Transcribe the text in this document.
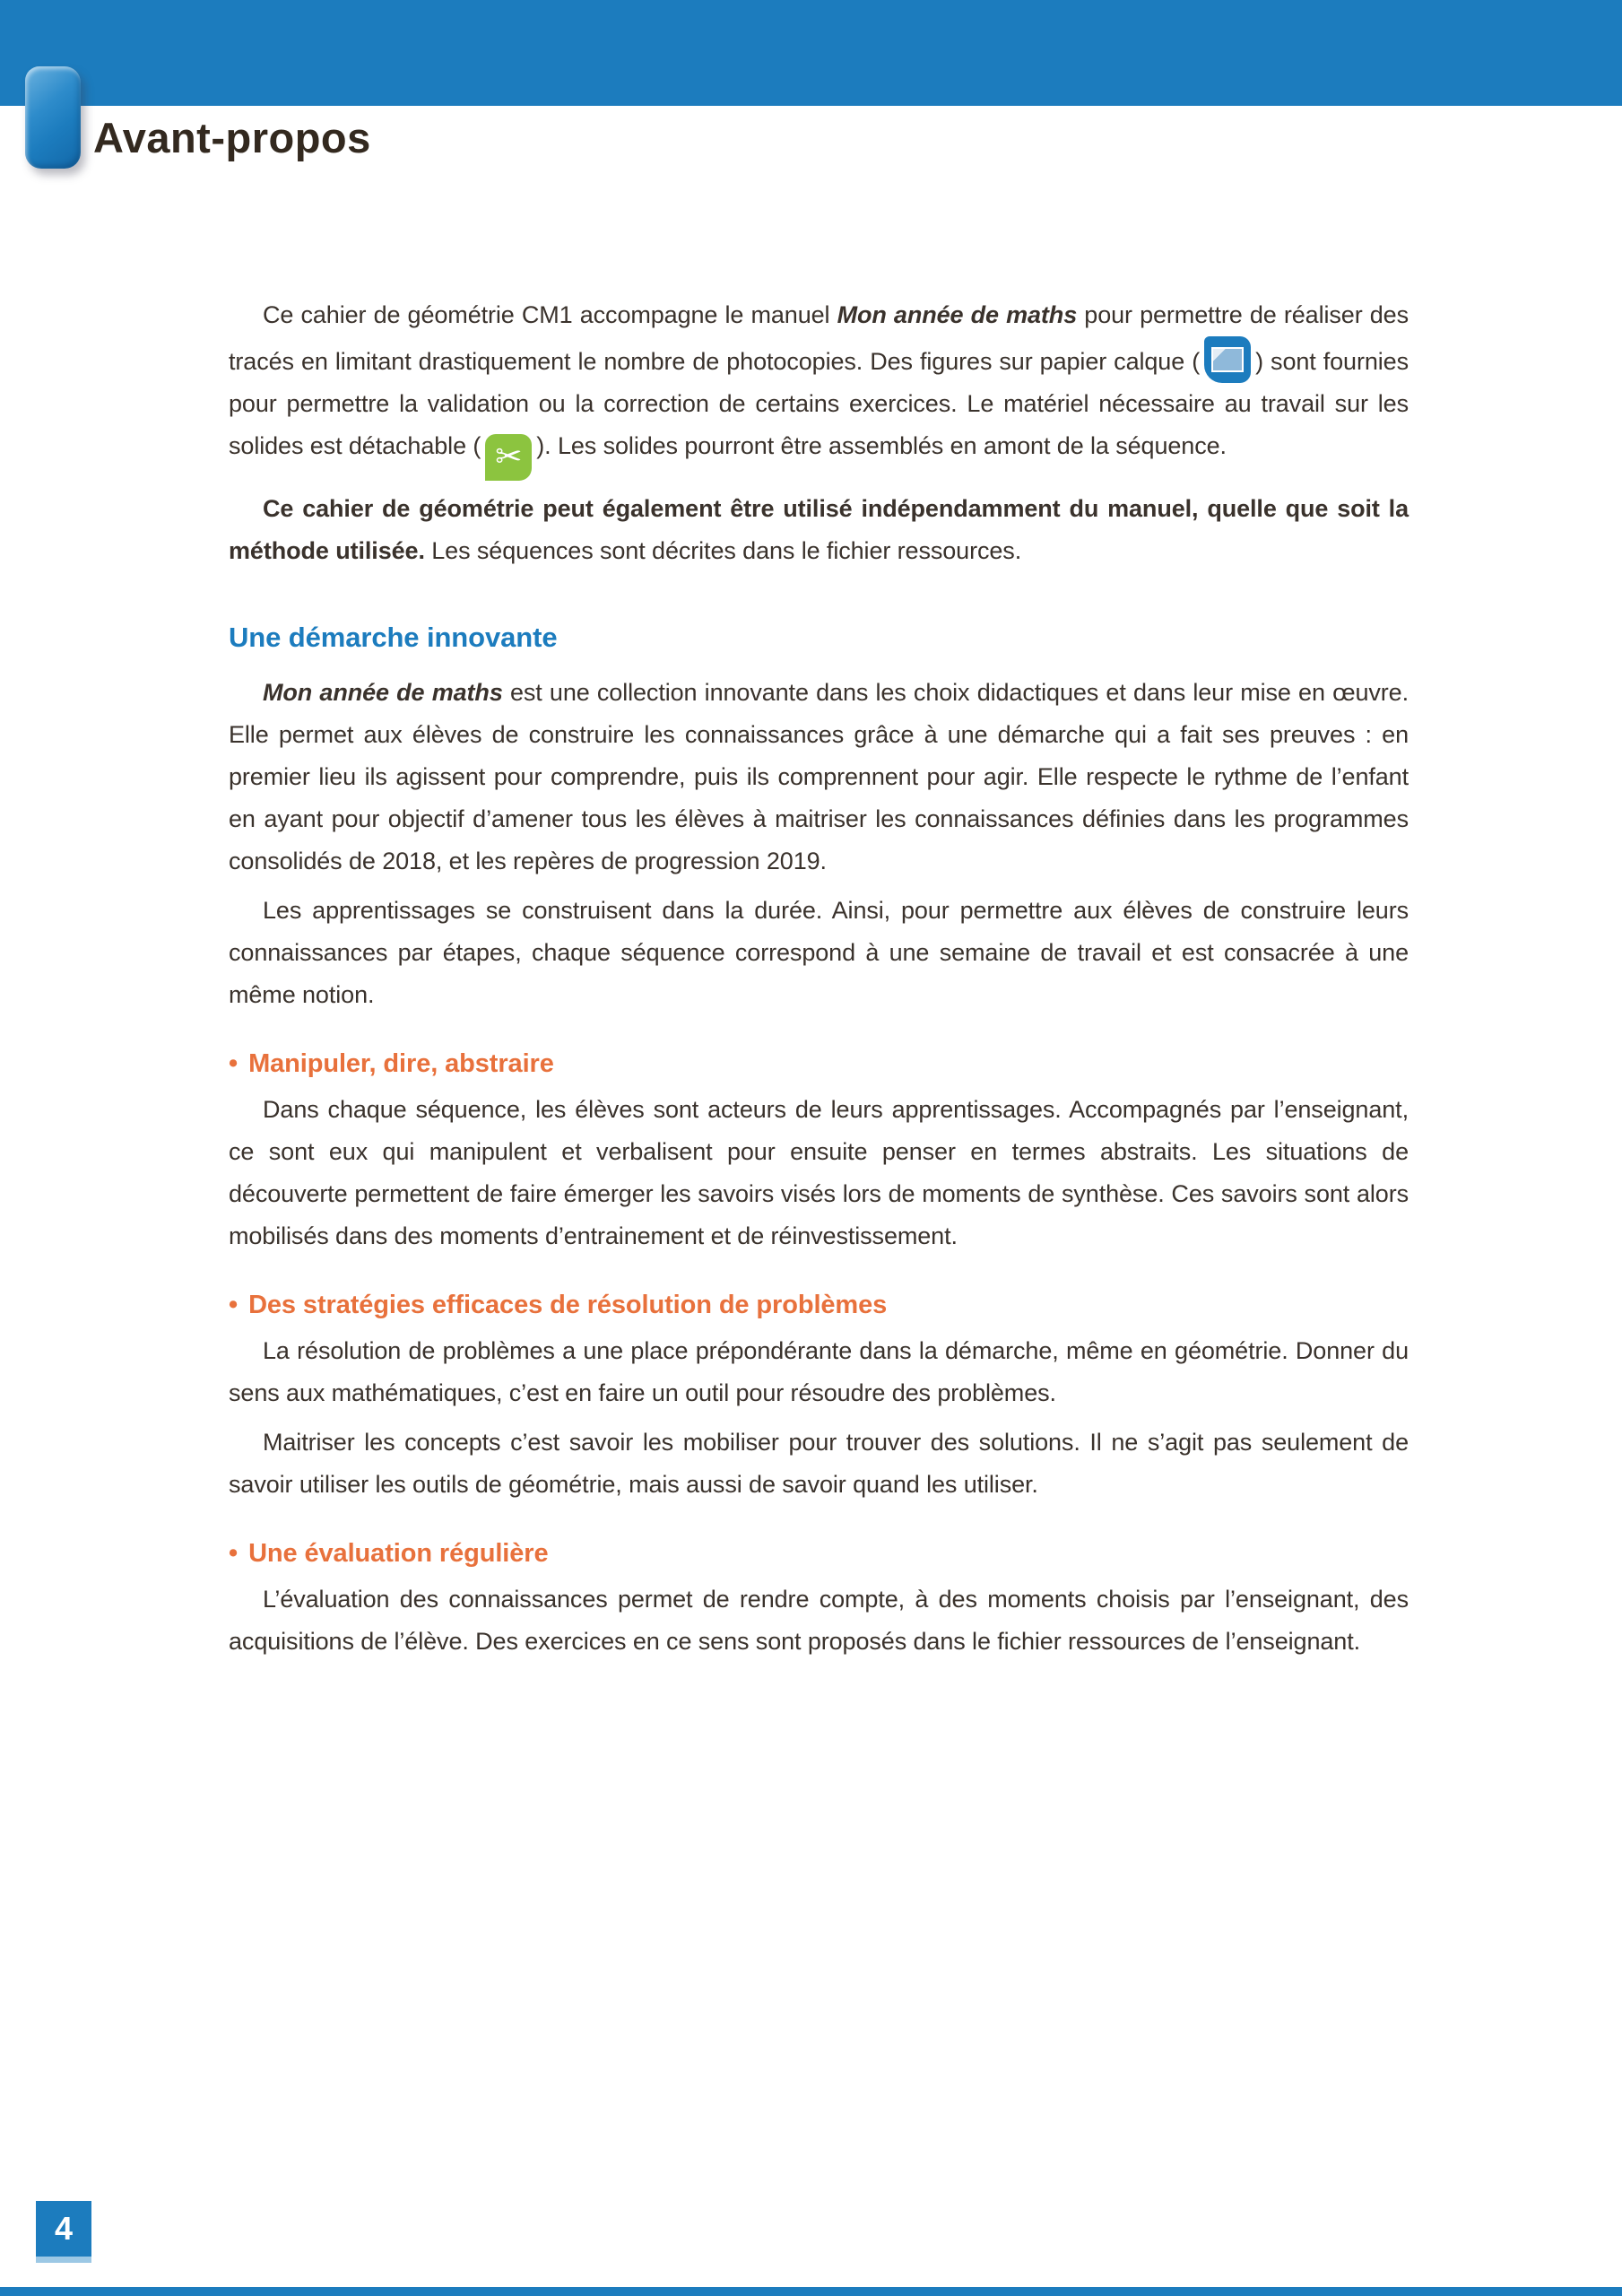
Avant-propos

Ce cahier de géométrie CM1 accompagne le manuel Mon année de maths pour permettre de réaliser des tracés en limitant drastiquement le nombre de photocopies. Des figures sur papier calque ( ) sont fournies pour permettre la validation ou la correction de certains exercices. Le matériel nécessaire au travail sur les solides est détachable ( ✂ ). Les solides pourront être assemblés en amont de la séquence.

Ce cahier de géométrie peut également être utilisé indépendamment du manuel, quelle que soit la méthode utilisée. Les séquences sont décrites dans le fichier ressources.

Une démarche innovante

Mon année de maths est une collection innovante dans les choix didactiques et dans leur mise en œuvre. Elle permet aux élèves de construire les connaissances grâce à une démarche qui a fait ses preuves : en premier lieu ils agissent pour comprendre, puis ils comprennent pour agir. Elle respecte le rythme de l’enfant en ayant pour objectif d’amener tous les élèves à maitriser les connaissances définies dans les programmes consolidés de 2018, et les repères de progression 2019.

Les apprentissages se construisent dans la durée. Ainsi, pour permettre aux élèves de construire leurs connaissances par étapes, chaque séquence correspond à une semaine de travail et est consacrée à une même notion.

• Manipuler, dire, abstraire

Dans chaque séquence, les élèves sont acteurs de leurs apprentissages. Accompagnés par l’enseignant, ce sont eux qui manipulent et verbalisent pour ensuite penser en termes abstraits. Les situations de découverte permettent de faire émerger les savoirs visés lors de moments de synthèse. Ces savoirs sont alors mobilisés dans des moments d’entrainement et de réinvestissement.

• Des stratégies efficaces de résolution de problèmes

La résolution de problèmes a une place prépondérante dans la démarche, même en géométrie. Donner du sens aux mathématiques, c’est en faire un outil pour résoudre des problèmes.

Maitriser les concepts c’est savoir les mobiliser pour trouver des solutions. Il ne s’agit pas seulement de savoir utiliser les outils de géométrie, mais aussi de savoir quand les utiliser.

• Une évaluation régulière

L’évaluation des connaissances permet de rendre compte, à des moments choisis par l’enseignant, des acquisitions de l’élève. Des exercices en ce sens sont proposés dans le fichier ressources de l’enseignant.

4
